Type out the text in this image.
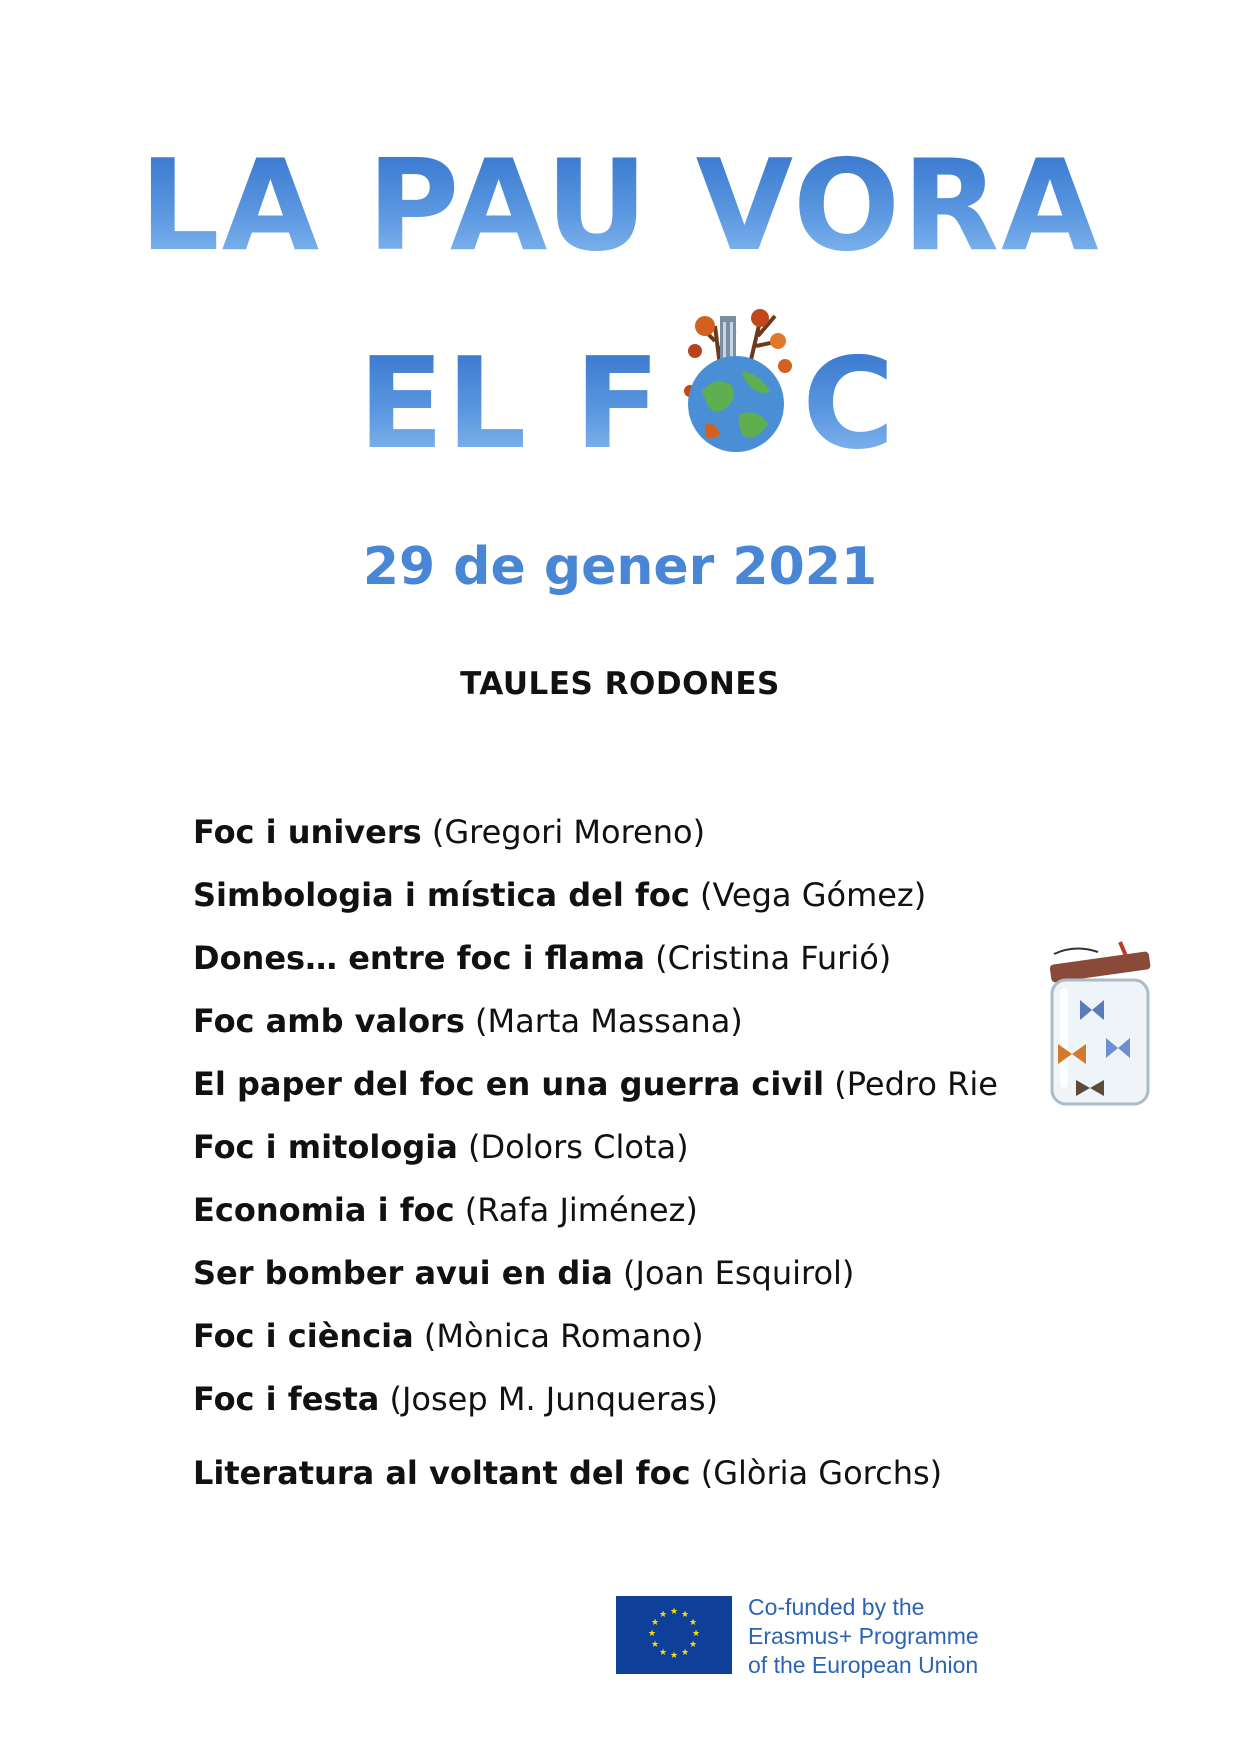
LA PAU VORA
EL F C
29 de gener 2021
TAULES RODONES
Foc i univers (Gregori Moreno)
Simbologia i mística del foc (Vega Gómez)
Dones… entre foc i flama (Cristina Furió)
Foc amb valors (Marta Massana)
El paper del foc en una guerra civil (Pedro Rie
Foc i mitologia (Dolors Clota)
Economia i foc (Rafa Jiménez)
Ser bomber avui en dia (Joan Esquirol)
Foc i ciència (Mònica Romano)
Foc i festa (Josep M. Junqueras)
Literatura al voltant del foc (Glòria Gorchs)
★ ★
★
★
★
★
★
★
★
★
★
★	Co-funded by the
Erasmus+ Programme
of the European Union
